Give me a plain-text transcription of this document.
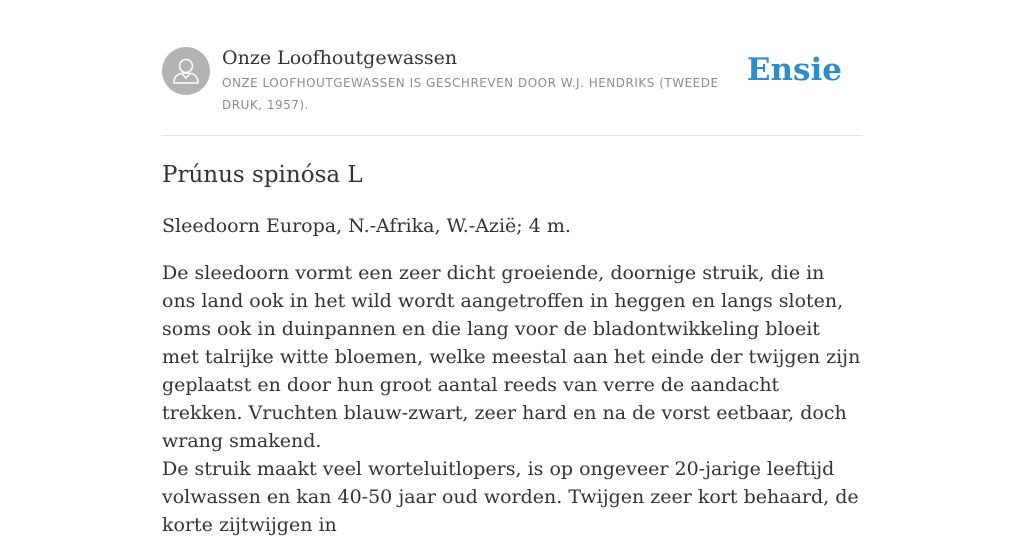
Onze Loofhoutgewassen
ONZE LOOFHOUTGEWASSEN IS GESCHREVEN DOOR W.J. HENDRIKS (TWEEDE DRUK, 1957).
Ensie
Prúnus spinósa L
Sleedoorn Europa, N.-Afrika, W.-Azië; 4 m.

De sleedoorn vormt een zeer dicht groeiende, doornige struik, die in ons land ook in het wild wordt aangetroffen in heggen en langs sloten, soms ook in duinpannen en die lang voor de bladontwikkeling bloeit met talrijke witte bloemen, welke meestal aan het einde der twijgen zijn geplaatst en door hun groot aantal reeds van verre de aandacht trekken. Vruchten blauw-zwart, zeer hard en na de vorst eetbaar, doch wrang smakend.

De struik maakt veel worteluitlopers, is op ongeveer 20-jarige leeftijd volwassen en kan 40-50 jaar oud worden. Twijgen zeer kort behaard, de korte zijtwijgen in
